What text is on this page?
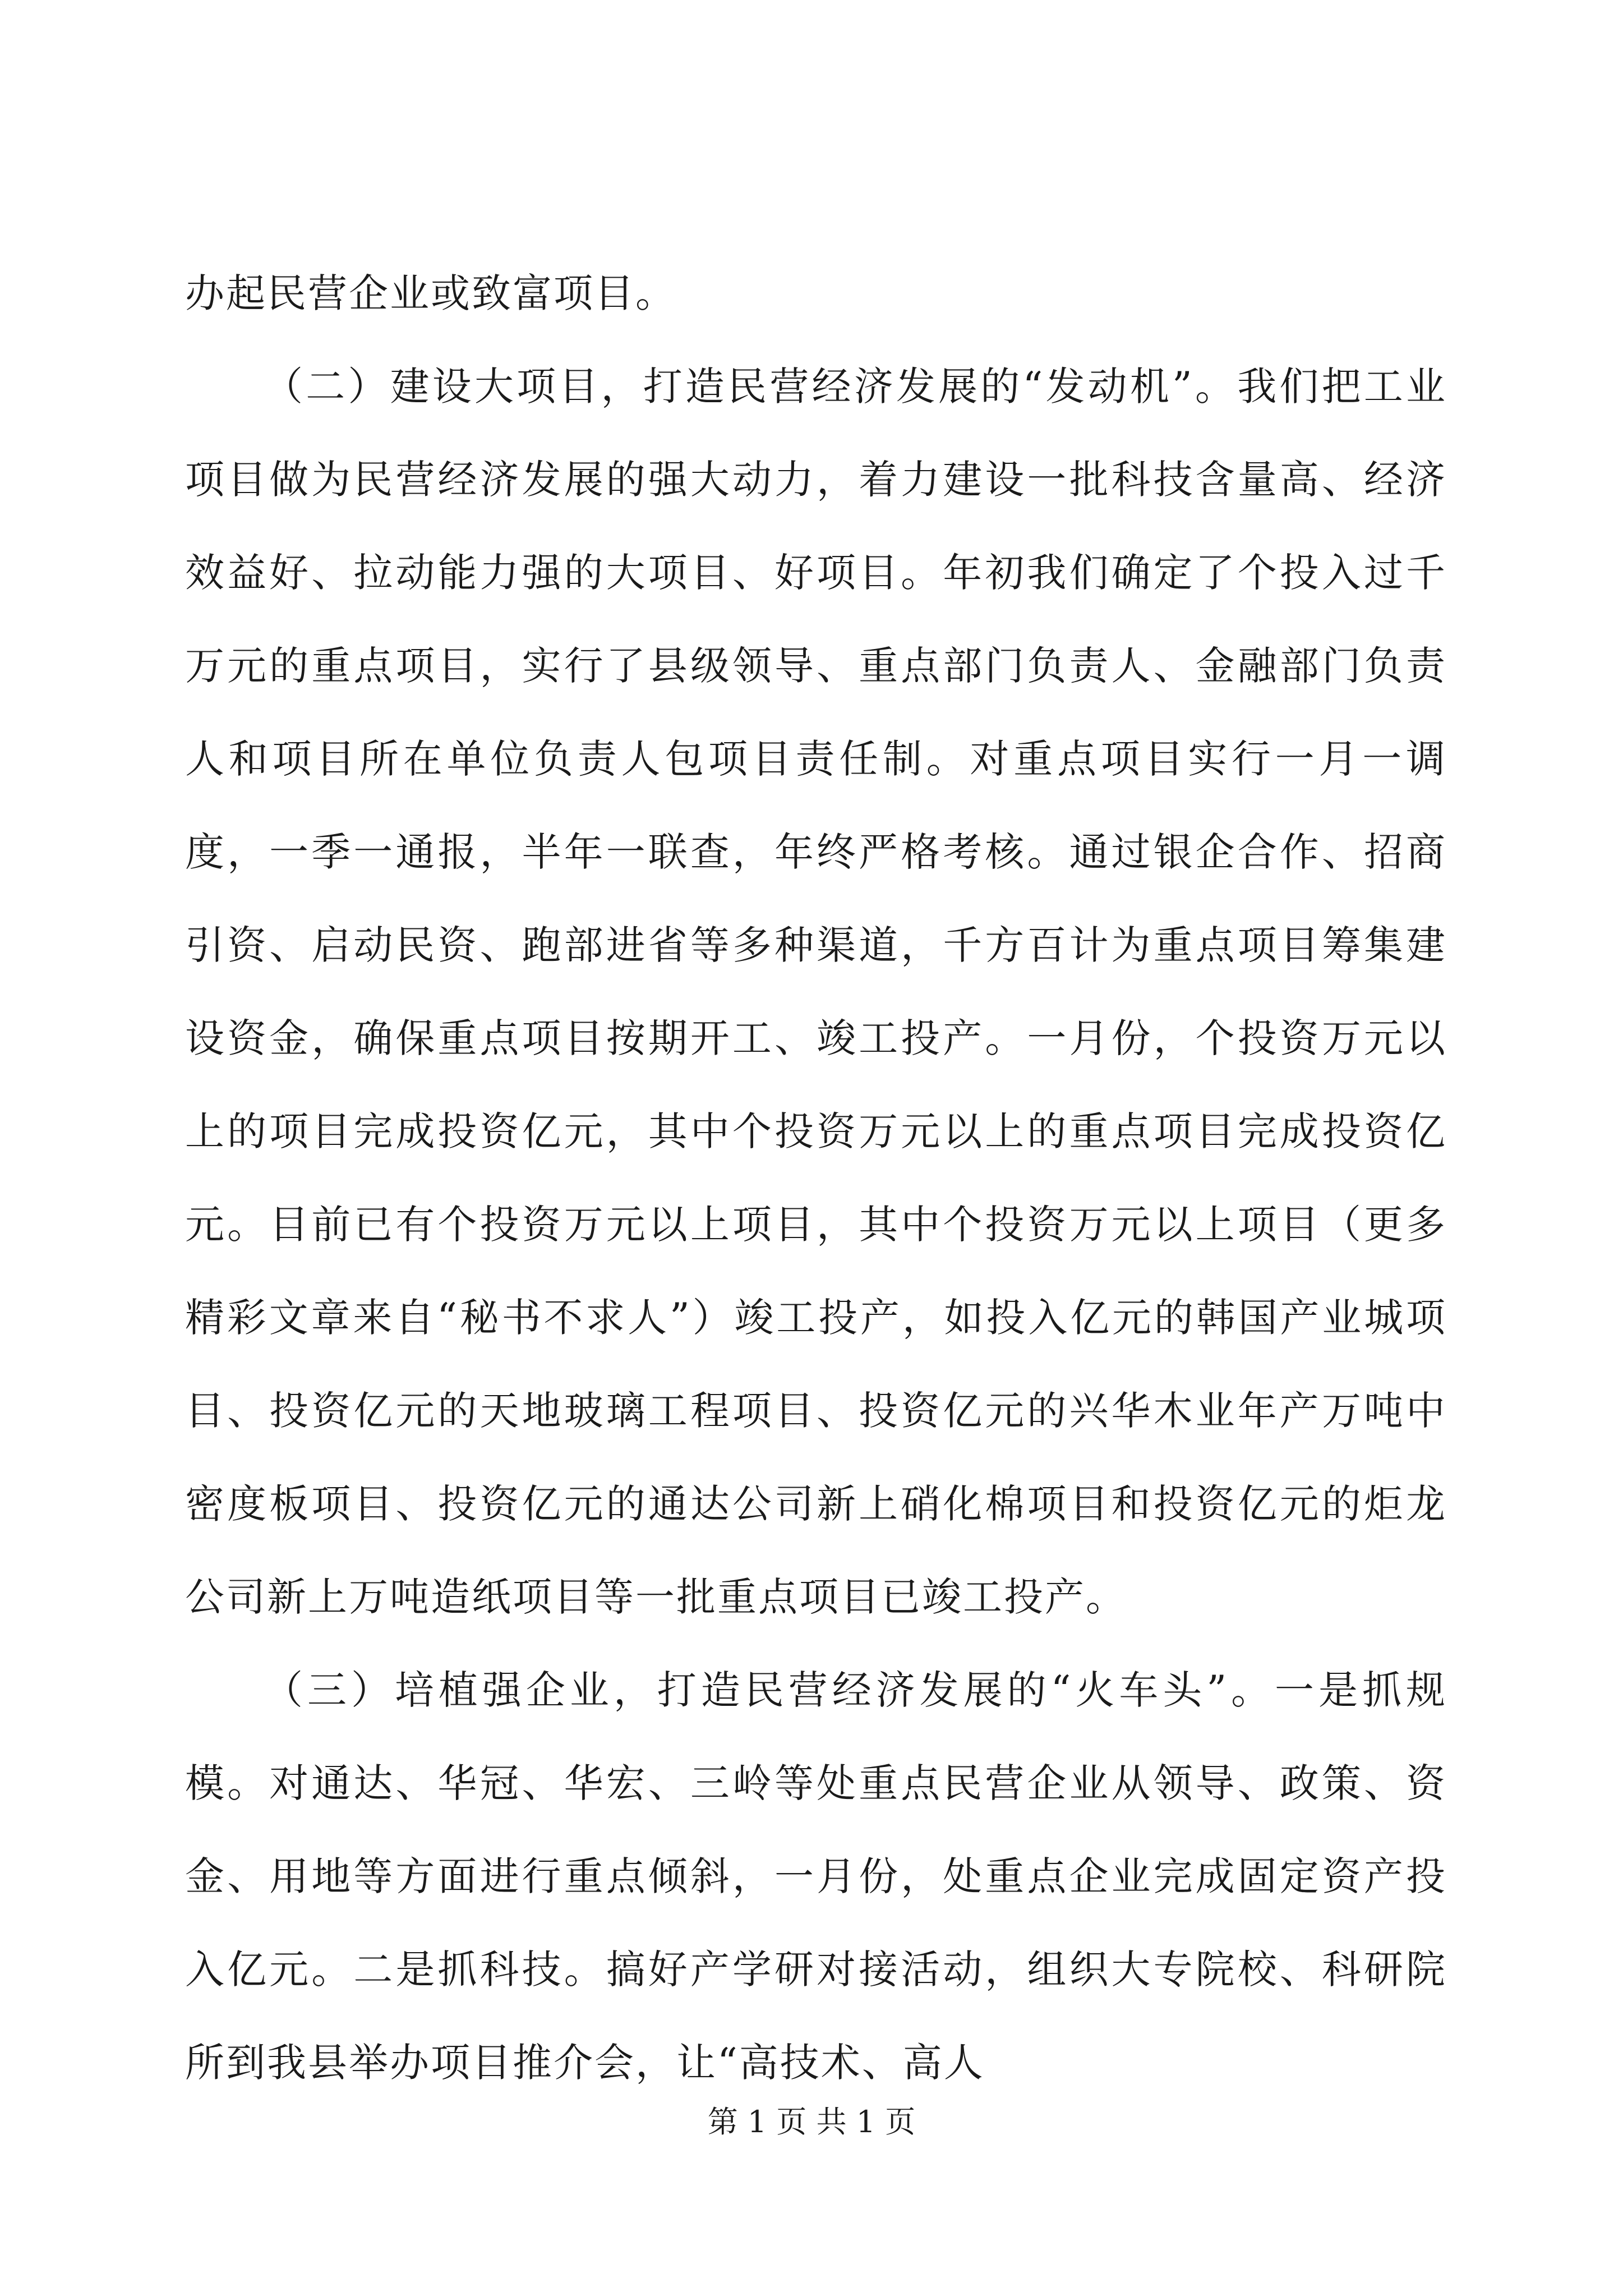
办起民营企业或致富项目。

（二）建设大项目，打造民营经济发展的“发动机”。我们把工业项目做为民营经济发展的强大动力，着力建设一批科技含量高、经济效益好、拉动能力强的大项目、好项目。年初我们确定了个投入过千万元的重点项目，实行了县级领导、重点部门负责人、金融部门负责人和项目所在单位负责人包项目责任制。对重点项目实行一月一调度，一季一通报，半年一联查，年终严格考核。通过银企合作、招商引资、启动民资、跑部进省等多种渠道，千方百计为重点项目筹集建设资金，确保重点项目按期开工、竣工投产。一月份，个投资万元以上的项目完成投资亿元，其中个投资万元以上的重点项目完成投资亿元。目前已有个投资万元以上项目，其中个投资万元以上项目（更多精彩文章来自“秘书不求人”）竣工投产，如投入亿元的韩国产业城项目、投资亿元的天地玻璃工程项目、投资亿元的兴华木业年产万吨中密度板项目、投资亿元的通达公司新上硝化棉项目和投资亿元的炬龙公司新上万吨造纸项目等一批重点项目已竣工投产。

（三）培植强企业，打造民营经济发展的“火车头”。一是抓规模。对通达、华冠、华宏、三岭等处重点民营企业从领导、政策、资金、用地等方面进行重点倾斜，一月份，处重点企业完成固定资产投入亿元。二是抓科技。搞好产学研对接活动，组织大专院校、科研院所到我县举办项目推介会，让“高技术、高人

第 1 页 共 1 页
